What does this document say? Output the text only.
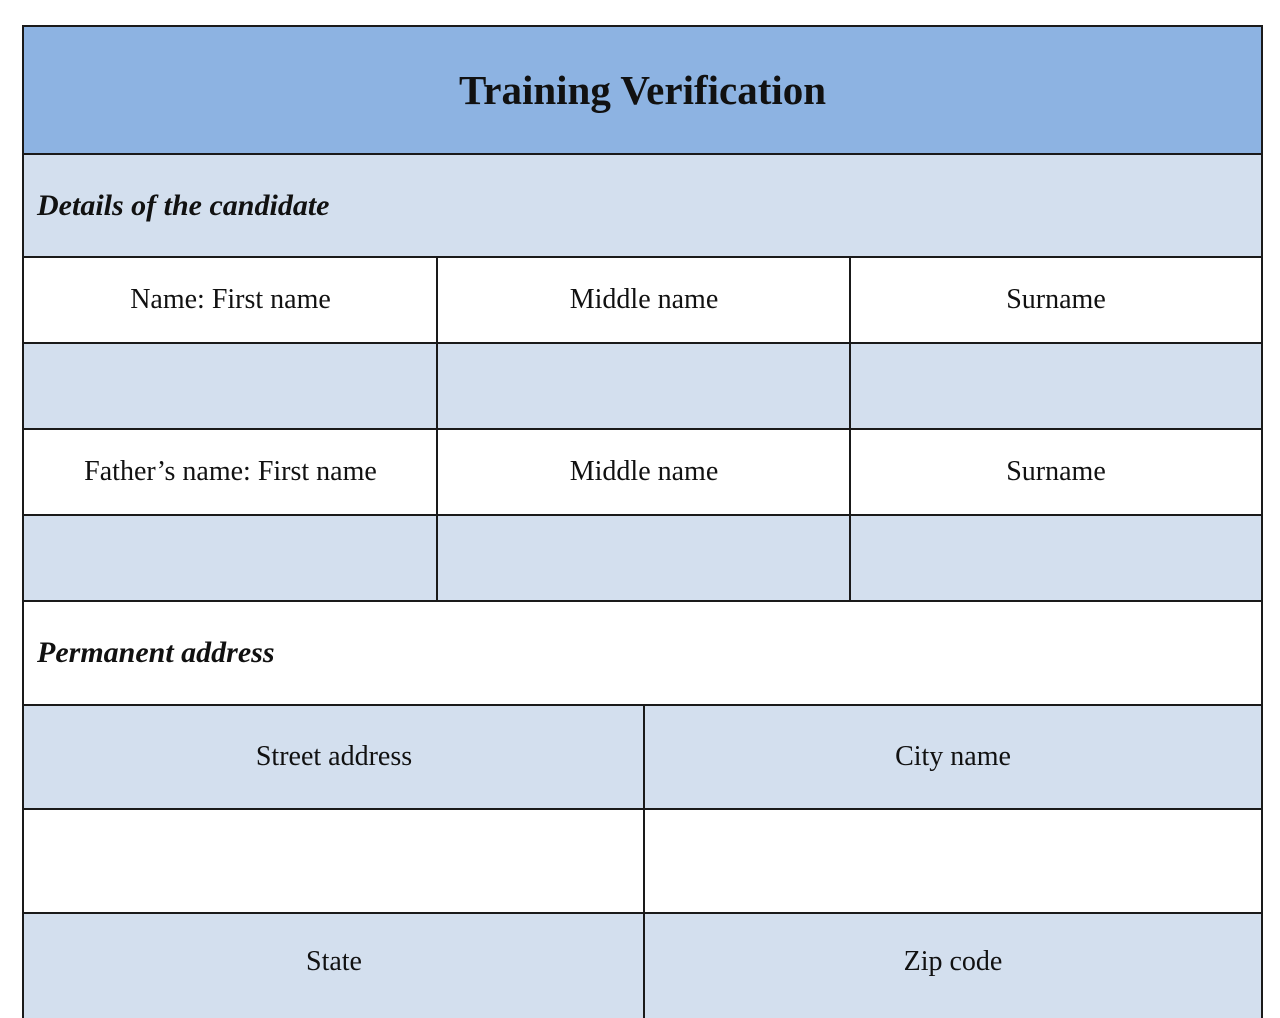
Training Verification
Details of the candidate
Name: First name	Middle name	Surname
Father’s name: First name	Middle name	Surname
Permanent address
Street address	City name
State	Zip code
